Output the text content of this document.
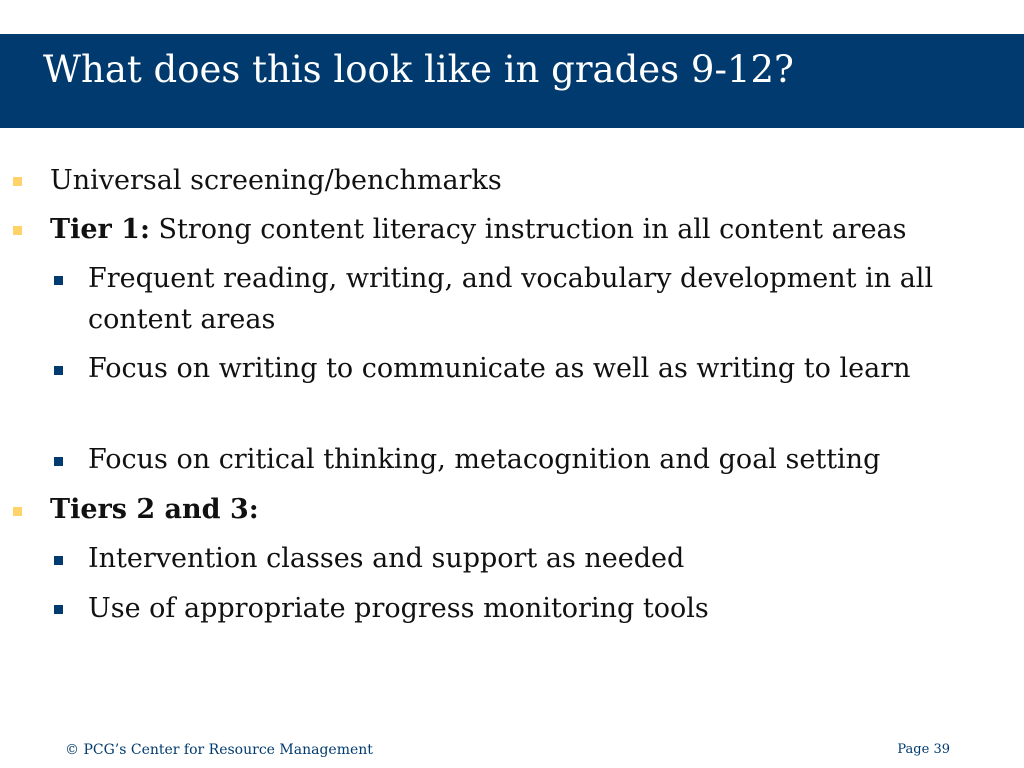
What does this look like in grades 9-12?
Universal screening/benchmarks
Tier 1: Strong content literacy instruction in all content areas
Frequent reading, writing, and vocabulary development in all content areas
Focus on writing to communicate as well as writing to learn
Focus on critical thinking, metacognition and goal setting
Tiers 2 and 3:
Intervention classes and support as needed
Use of appropriate progress monitoring tools
© PCG’s Center for Resource Management	Page 39
